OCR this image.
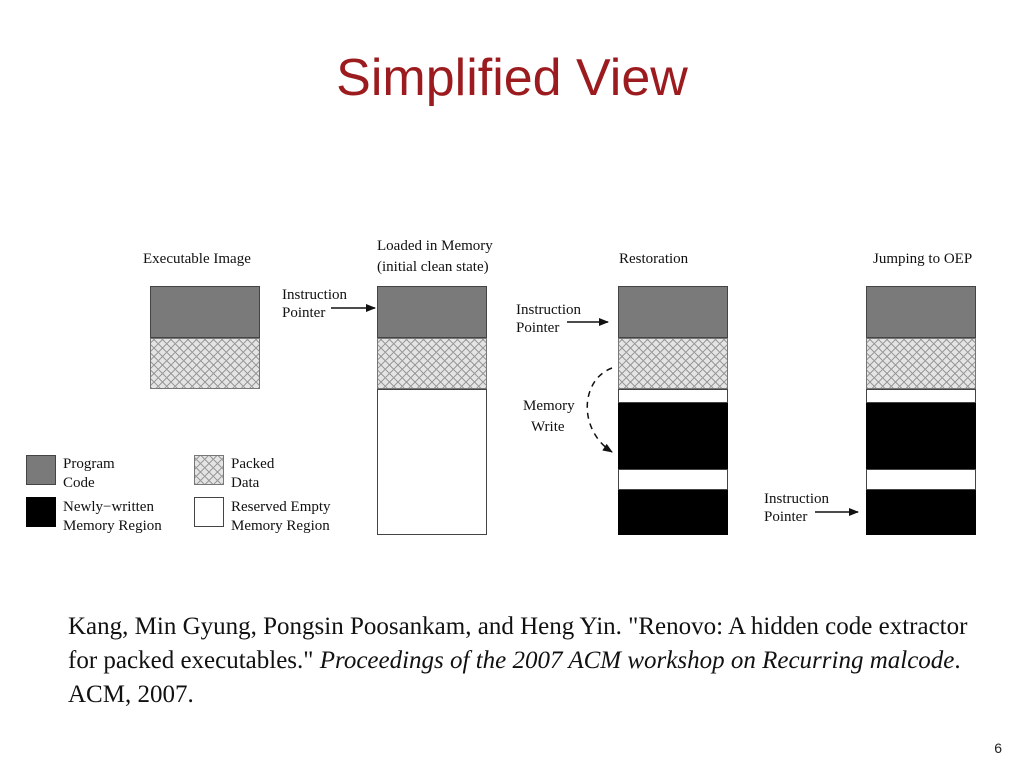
Simplified View
Executable Image
Loaded in Memory
(initial clean state)	Restoration	Jumping to OEP
Instruction
Pointer	Instruction
Pointer
Instruction
Pointer
Memory
Write
Program
Code
Packed
Data
Newly−written
Memory Region
Reserved Empty
Memory Region
Kang, Min Gyung, Pongsin Poosankam, and Heng Yin. "Renovo: A hidden code extractor for packed executables." Proceedings of the 2007 ACM workshop on Recurring malcode. ACM, 2007.
6
